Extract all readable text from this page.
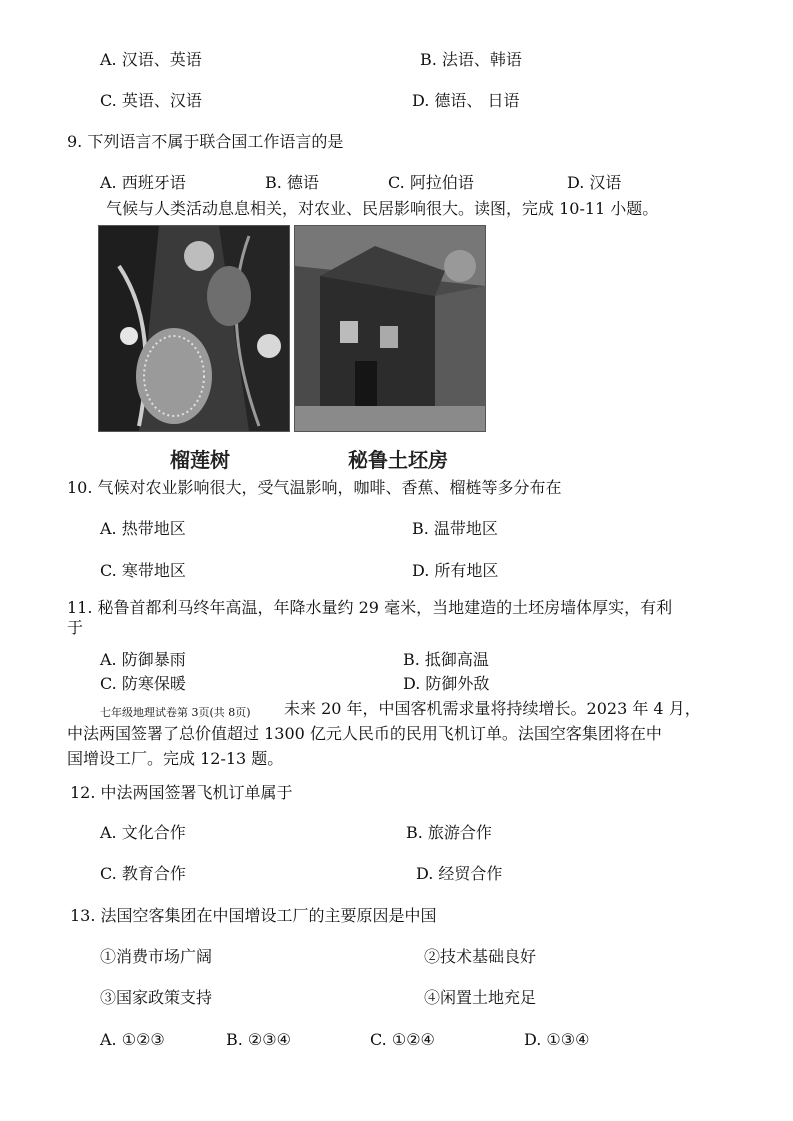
A. 汉语、英语	B. 法语、韩语
C. 英语、汉语	D. 德语、 日语
9. 下列语言不属于联合国工作语言的是
A. 西班牙语	B. 德语	C. 阿拉伯语	D. 汉语
气候与人类活动息息相关，对农业、民居影响很大。读图，完成 10-11 小题。
榴莲树	秘鲁土坯房
10. 气候对农业影响很大，受气温影响，咖啡、香蕉、榴梿等多分布在
A. 热带地区	B. 温带地区
C. 寒带地区	D. 所有地区
11. 秘鲁首都利马终年高温，年降水量约 29 毫米，当地建造的土坯房墙体厚实，有利
于
A. 防御暴雨	B. 抵御高温
C. 防寒保暖	D. 防御外敌
七年级地理试卷第 3页(共 8页) 未来 20 年，中国客机需求量将持续增长。2023 年 4 月，
中法两国签署了总价值超过 1300 亿元人民币的民用飞机订单。法国空客集团将在中
国增设工厂。完成 12-13 题。
12. 中法两国签署飞机订单属于
A. 文化合作	B. 旅游合作
C. 教育合作	D. 经贸合作
13. 法国空客集团在中国增设工厂的主要原因是中国
①消费市场广阔	②技术基础良好
③国家政策支持	④闲置土地充足
A. ①②③	B. ②③④	C. ①②④	D. ①③④
